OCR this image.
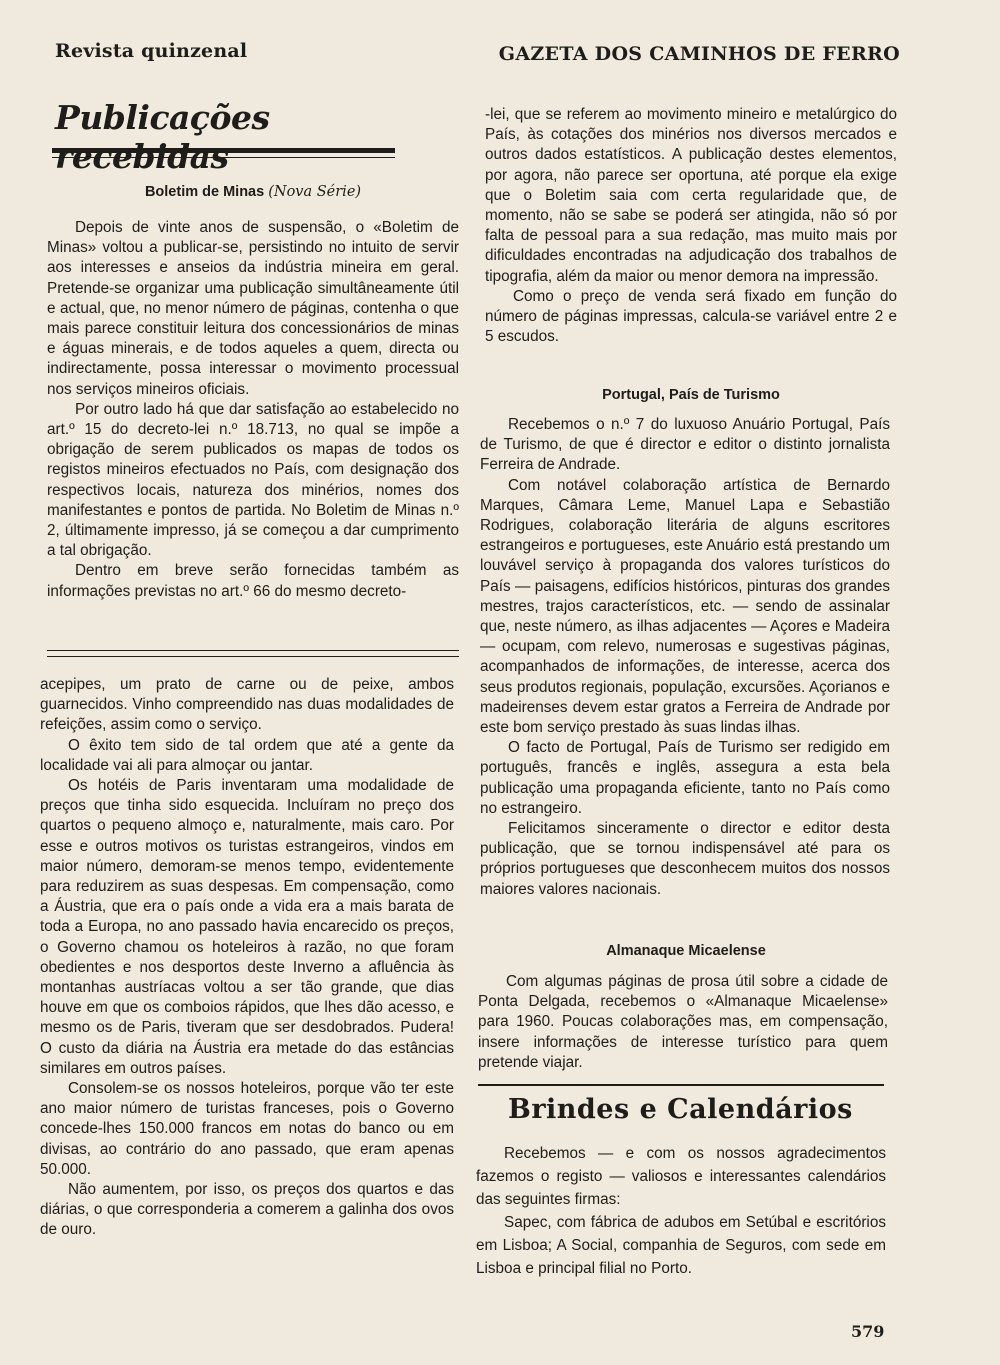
Revista quinzenal	GAZETA DOS CAMINHOS DE FERRO
Publicações
Boletim de Minas (Nova Série)

Depois de vinte anos de suspensão, o «Boletim de Minas» voltou a publicar-se, persistindo no intuito de servir aos interesses e anseios da indústria mineira em geral. Pretende-se organizar uma publicação simultâneamente útil e actual, que, no menor número de páginas, contenha o que mais parece constituir leitura dos concessionários de minas e águas minerais, e de todos aqueles a quem, directa ou indirectamente, possa interessar o movimento processual nos serviços mineiros oficiais.

Por outro lado há que dar satisfação ao estabelecido no art.º 15 do decreto-lei n.º 18.713, no qual se impõe a obrigação de serem publicados os mapas de todos os registos mineiros efectuados no País, com designação dos respectivos locais, natureza dos minérios, nomes dos manifestantes e pontos de partida. No Boletim de Minas n.º 2, últimamente impresso, já se começou a dar cumprimento a tal obrigação.

Dentro em breve serão fornecidas também as informações previstas no art.º 66 do mesmo decreto-

acepipes, um prato de carne ou de peixe, ambos guarnecidos. Vinho compreendido nas duas modalidades de refeições, assim como o serviço.

O êxito tem sido de tal ordem que até a gente da localidade vai ali para almoçar ou jantar.

Os hotéis de Paris inventaram uma modalidade de preços que tinha sido esquecida. Incluíram no preço dos quartos o pequeno almoço e, naturalmente, mais caro. Por esse e outros motivos os turistas estrangeiros, vindos em maior número, demoram-se menos tempo, evidentemente para reduzirem as suas despesas. Em compensação, como a Áustria, que era o país onde a vida era a mais barata de toda a Europa, no ano passado havia encarecido os preços, o Governo chamou os hoteleiros à razão, no que foram obedientes e nos desportos deste Inverno a afluência às montanhas austríacas voltou a ser tão grande, que dias houve em que os comboios rápidos, que lhes dão acesso, e mesmo os de Paris, tiveram que ser desdobrados. Pudera! O custo da diária na Áustria era metade do das estâncias similares em outros países.

Consolem-se os nossos hoteleiros, porque vão ter este ano maior número de turistas franceses, pois o Governo concede-lhes 150.000 francos em notas do banco ou em divisas, ao contrário do ano passado, que eram apenas 50.000.

Não aumentem, por isso, os preços dos quartos e das diárias, o que corresponderia a comerem a galinha dos ovos de ouro.

-lei, que se referem ao movimento mineiro e metalúrgico do País, às cotações dos minérios nos diversos mercados e outros dados estatísticos. A publicação destes elementos, por agora, não parece ser oportuna, até porque ela exige que o Boletim saia com certa regularidade que, de momento, não se sabe se poderá ser atingida, não só por falta de pessoal para a sua redação, mas muito mais por dificuldades encontradas na adjudicação dos trabalhos de tipografia, além da maior ou menor demora na impressão.

Como o preço de venda será fixado em função do número de páginas impressas, calcula-se variável entre 2 e 5 escudos.

Portugal, País de Turismo

Recebemos o n.º 7 do luxuoso Anuário Portugal, País de Turismo, de que é director e editor o distinto jornalista Ferreira de Andrade.

Com notável colaboração artística de Bernardo Marques, Câmara Leme, Manuel Lapa e Sebastião Rodrigues, colaboração literária de alguns escritores estrangeiros e portugueses, este Anuário está prestando um louvável serviço à propaganda dos valores turísticos do País — paisagens, edifícios históricos, pinturas dos grandes mestres, trajos característicos, etc. — sendo de assinalar que, neste número, as ilhas adjacentes — Açores e Madeira — ocupam, com relevo, numerosas e sugestivas páginas, acompanhados de informações, de interesse, acerca dos seus produtos regionais, população, excursões. Açorianos e madeirenses devem estar gratos a Ferreira de Andrade por este bom serviço prestado às suas lindas ilhas.

O facto de Portugal, País de Turismo ser redigido em português, francês e inglês, assegura a esta bela publicação uma propaganda eficiente, tanto no País como no estrangeiro.

Felicitamos sinceramente o director e editor desta publicação, que se tornou indispensável até para os próprios portugueses que desconhecem muitos dos nossos maiores valores nacionais.

Almanaque Micaelense

Com algumas páginas de prosa útil sobre a cidade de Ponta Delgada, recebemos o «Almanaque Micaelense» para 1960. Poucas colaborações mas, em compensação, insere informações de interesse turístico para quem pretende viajar.

Brindes e Calendários

Recebemos — e com os nossos agradecimentos fazemos o registo — valiosos e interessantes calendários das seguintes firmas:

Sapec, com fábrica de adubos em Setúbal e escritórios em Lisboa; A Social, companhia de Seguros, com sede em Lisboa e principal filial no Porto.

579
